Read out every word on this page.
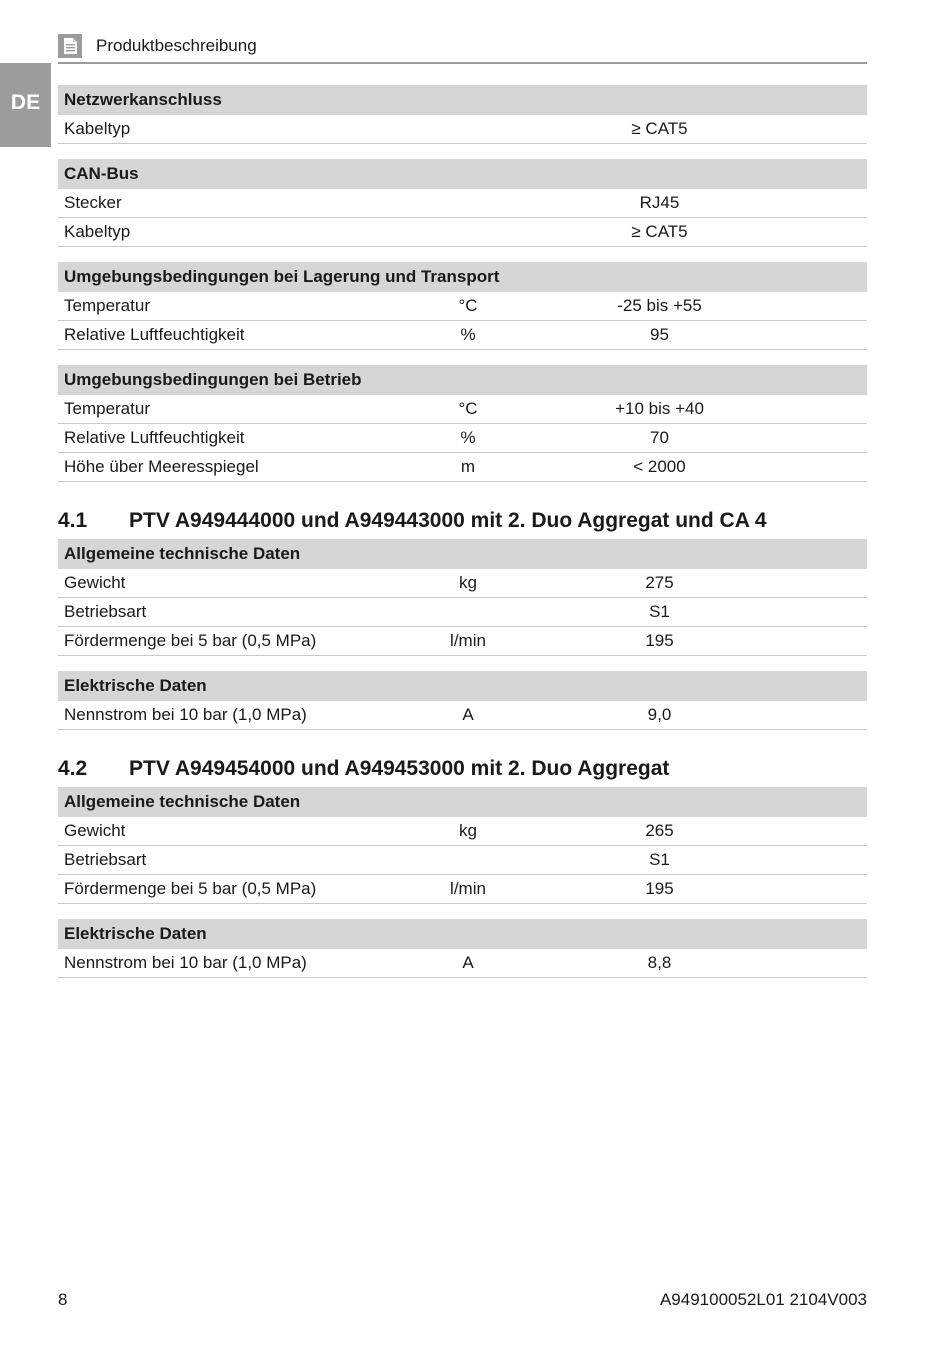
DE
Produktbeschreibung
Netzwerkanschluss
Kabeltyp		≥ CAT5
CAN-Bus		
Stecker		RJ45
Kabeltyp		≥ CAT5
Umgebungsbedingungen bei Lagerung und Transport		
Temperatur	°C	-25 bis +55
Relative Luftfeuchtigkeit	%	95
Umgebungsbedingungen bei Betrieb		
Temperatur	°C	+10 bis +40
Relative Luftfeuchtigkeit	%	70
Höhe über Meeresspiegel	m	< 2000
4.1	PTV A949444000 und A949443000 mit 2. Duo Aggregat und CA 4
Allgemeine technische Daten		
Gewicht	kg	275
Betriebsart		S1
Fördermenge bei 5 bar (0,5 MPa)	l/min	195
Elektrische Daten
Nennstrom bei 10 bar (1,0 MPa)	A	9,0
4.2	PTV A949454000 und A949453000 mit 2. Duo Aggregat
Allgemeine technische Daten		
Gewicht	kg	265
Betriebsart		S1
Fördermenge bei 5 bar (0,5 MPa)	l/min	195
Elektrische Daten
Nennstrom bei 10 bar (1,0 MPa)	A	8,8
8	A949100052L01 2104V003
